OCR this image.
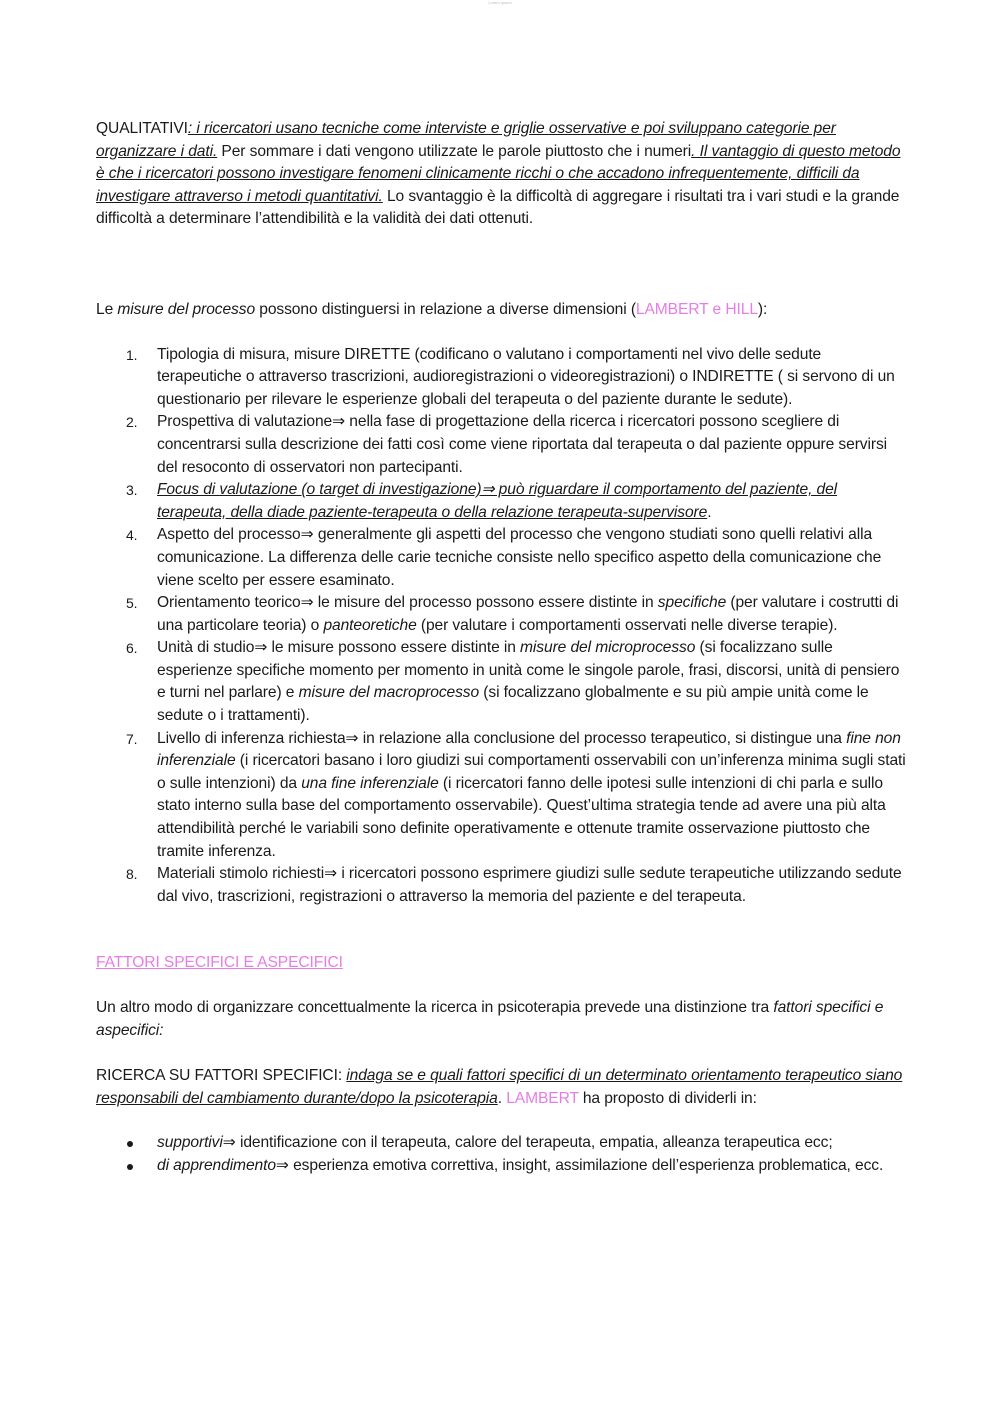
Lorem Ipsum

QUALITATIVI: i ricercatori usano tecniche come interviste e griglie osservative e poi sviluppano categorie per organizzare i dati. Per sommare i dati vengono utilizzate le parole piuttosto che i numeri. Il vantaggio di questo metodo è che i ricercatori possono investigare fenomeni clinicamente ricchi o che accadono infrequentemente, difficili da investigare attraverso i metodi quantitativi. Lo svantaggio è la difficoltà di aggregare i risultati tra i vari studi e la grande difficoltà a determinare l’attendibilità e la validità dei dati ottenuti.

Le misure del processo possono distinguersi in relazione a diverse dimensioni (LAMBERT e HILL):

1. Tipologia di misura, misure DIRETTE (codificano o valutano i comportamenti nel vivo delle sedute terapeutiche o attraverso trascrizioni, audioregistrazioni o videoregistrazioni) o INDIRETTE ( si servono di un questionario per rilevare le esperienze globali del terapeuta o del paziente durante le sedute).
2. Prospettiva di valutazione⇒ nella fase di progettazione della ricerca i ricercatori possono scegliere di concentrarsi sulla descrizione dei fatti così come viene riportata dal terapeuta o dal paziente oppure servirsi del resoconto di osservatori non partecipanti.
3. Focus di valutazione (o target di investigazione)⇒ può riguardare il comportamento del paziente, del terapeuta, della diade paziente-terapeuta o della relazione terapeuta-supervisore.
4. Aspetto del processo⇒ generalmente gli aspetti del processo che vengono studiati sono quelli relativi alla comunicazione. La differenza delle carie tecniche consiste nello specifico aspetto della comunicazione che viene scelto per essere esaminato.
5. Orientamento teorico⇒ le misure del processo possono essere distinte in specifiche (per valutare i costrutti di una particolare teoria) o panteoretiche (per valutare i comportamenti osservati nelle diverse terapie).
6. Unità di studio⇒ le misure possono essere distinte in misure del microprocesso (si focalizzano sulle esperienze specifiche momento per momento in unità come le singole parole, frasi, discorsi, unità di pensiero e turni nel parlare) e misure del macroprocesso (si focalizzano globalmente e su più ampie unità come le sedute o i trattamenti).
7. Livello di inferenza richiesta⇒ in relazione alla conclusione del processo terapeutico, si distingue una fine non inferenziale (i ricercatori basano i loro giudizi sui comportamenti osservabili con un’inferenza minima sugli stati o sulle intenzioni) da una fine inferenziale (i ricercatori fanno delle ipotesi sulle intenzioni di chi parla e sullo stato interno sulla base del comportamento osservabile). Quest’ultima strategia tende ad avere una più alta attendibilità perché le variabili sono definite operativamente e ottenute tramite osservazione piuttosto che tramite inferenza.
8. Materiali stimolo richiesti⇒ i ricercatori possono esprimere giudizi sulle sedute terapeutiche utilizzando sedute dal vivo, trascrizioni, registrazioni o attraverso la memoria del paziente e del terapeuta.

FATTORI SPECIFICI E ASPECIFICI

Un altro modo di organizzare concettualmente la ricerca in psicoterapia prevede una distinzione tra fattori specifici e aspecifici:

RICERCA SU FATTORI SPECIFICI: indaga se e quali fattori specifici di un determinato orientamento terapeutico siano responsabili del cambiamento durante/dopo la psicoterapia. LAMBERT ha proposto di dividerli in:

supportivi⇒ identificazione con il terapeuta, calore del terapeuta, empatia, alleanza terapeutica ecc;
di apprendimento⇒ esperienza emotiva correttiva, insight, assimilazione dell’esperienza problematica, ecc.
